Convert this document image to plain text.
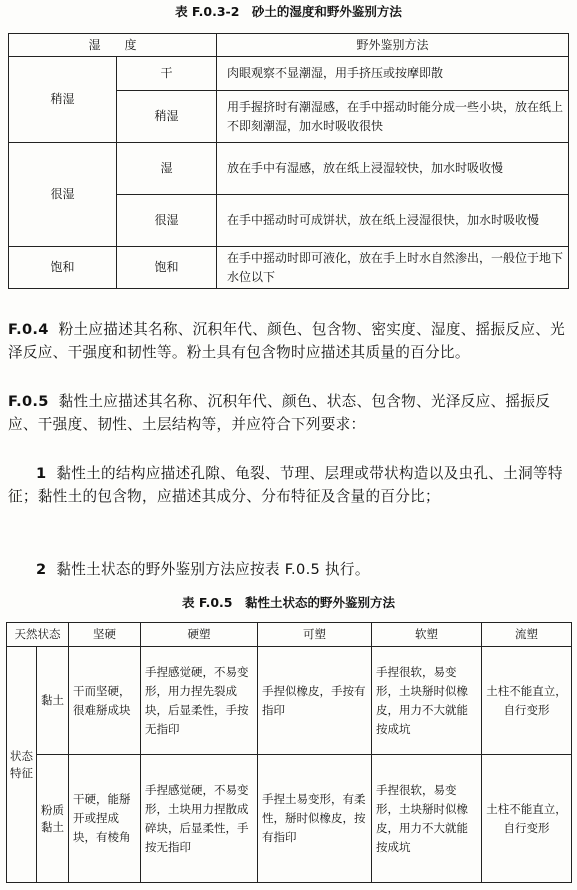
表 F.0.3-2　砂土的湿度和野外鉴别方法
湿　　度		野外鉴别方法
稍湿	干	肉眼观察不显潮湿，用手挤压或按摩即散
	稍湿	用手握挤时有潮湿感，在手中摇动时能分成一些小块，放在纸上不即刻潮湿，加水时吸收很快
很湿	湿	放在手中有湿感，放在纸上浸湿较快，加水时吸收慢
	很湿	在手中摇动时可成饼状，放在纸上浸湿很快，加水时吸收慢
饱和	饱和	在手中摇动时即可液化，放在手上时水自然渗出，一般位于地下水位以下
F.0.4 粉土应描述其名称、沉积年代、颜色、包含物、密实度、湿度、摇振反应、光泽反应、干强度和韧性等。粉土具有包含物时应描述其质量的百分比。
F.0.5 黏性土应描述其名称、沉积年代、颜色、状态、包含物、光泽反应、摇振反应、干强度、韧性、土层结构等，并应符合下列要求：
1 黏性土的结构应描述孔隙、龟裂、节理、层理或带状构造以及虫孔、土洞等特征；黏性土的包含物，应描述其成分、分布特征及含量的百分比；
2 黏性土状态的野外鉴别方法应按表 F.0.5 执行。
表 F.0.5　黏性土状态的野外鉴别方法
天然状态		坚硬	硬塑	可塑	软塑	流塑
状态特征	黏土	干而坚硬，很难掰成块	手捏感觉硬，不易变形，用力捏先裂成块，后显柔性，手按无指印	手捏似橡皮，手按有指印	手捏很软，易变形，土块掰时似橡皮，用力不大就能按成坑	土柱不能直立，自行变形
	粉质黏土	干硬，能掰开或捏成块，有棱角	手捏感觉硬，不易变形，土块用力捏散成碎块，后显柔性，手按无指印	手捏土易变形，有柔性，掰时似橡皮，按有指印	手捏很软，易变形，土块掰时似橡皮，用力不大就能按成坑	土柱不能直立，自行变形
